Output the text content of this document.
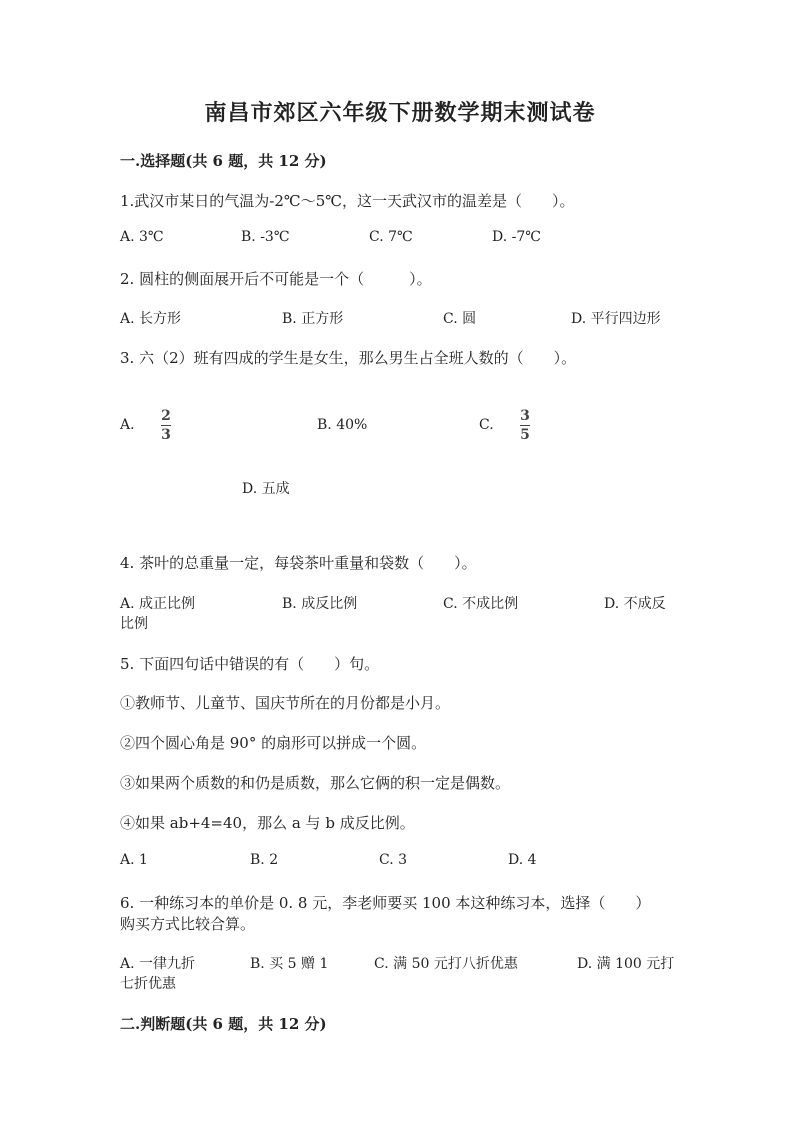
南昌市郊区六年级下册数学期末测试卷
一.选择题(共 6 题，共 12 分)
1.武汉市某日的气温为-2℃～5℃，这一天武汉市的温差是（　　）。
A. 3℃	B. -3℃	C. 7℃	D. -7℃
2. 圆柱的侧面展开后不可能是一个（　　　）。
A. 长方形	B. 正方形	C. 圆	D. 平行四边形
3. 六（2）班有四成的学生是女生，那么男生占全班人数的（　　）。
A.
2
3
B. 40%	C.
3
5
D. 五成
4. 茶叶的总重量一定，每袋茶叶重量和袋数（　　）。
A. 成正比例	B. 成反比例	C. 不成比例	D. 不成反
比例
5. 下面四句话中错误的有（　　）句。
①教师节、儿童节、国庆节所在的月份都是小月。
②四个圆心角是 90° 的扇形可以拼成一个圆。
③如果两个质数的和仍是质数，那么它俩的积一定是偶数。
④如果 ab+4=40，那么 a 与 b 成反比例。
A. 1	B. 2	C. 3	D. 4
6. 一种练习本的单价是 0. 8 元，李老师要买 100 本这种练习本，选择（　　）
购买方式比较合算。
A. 一律九折	B. 买 5 赠 1	C. 满 50 元打八折优惠	D. 满 100 元打
七折优惠
二.判断题(共 6 题，共 12 分)
